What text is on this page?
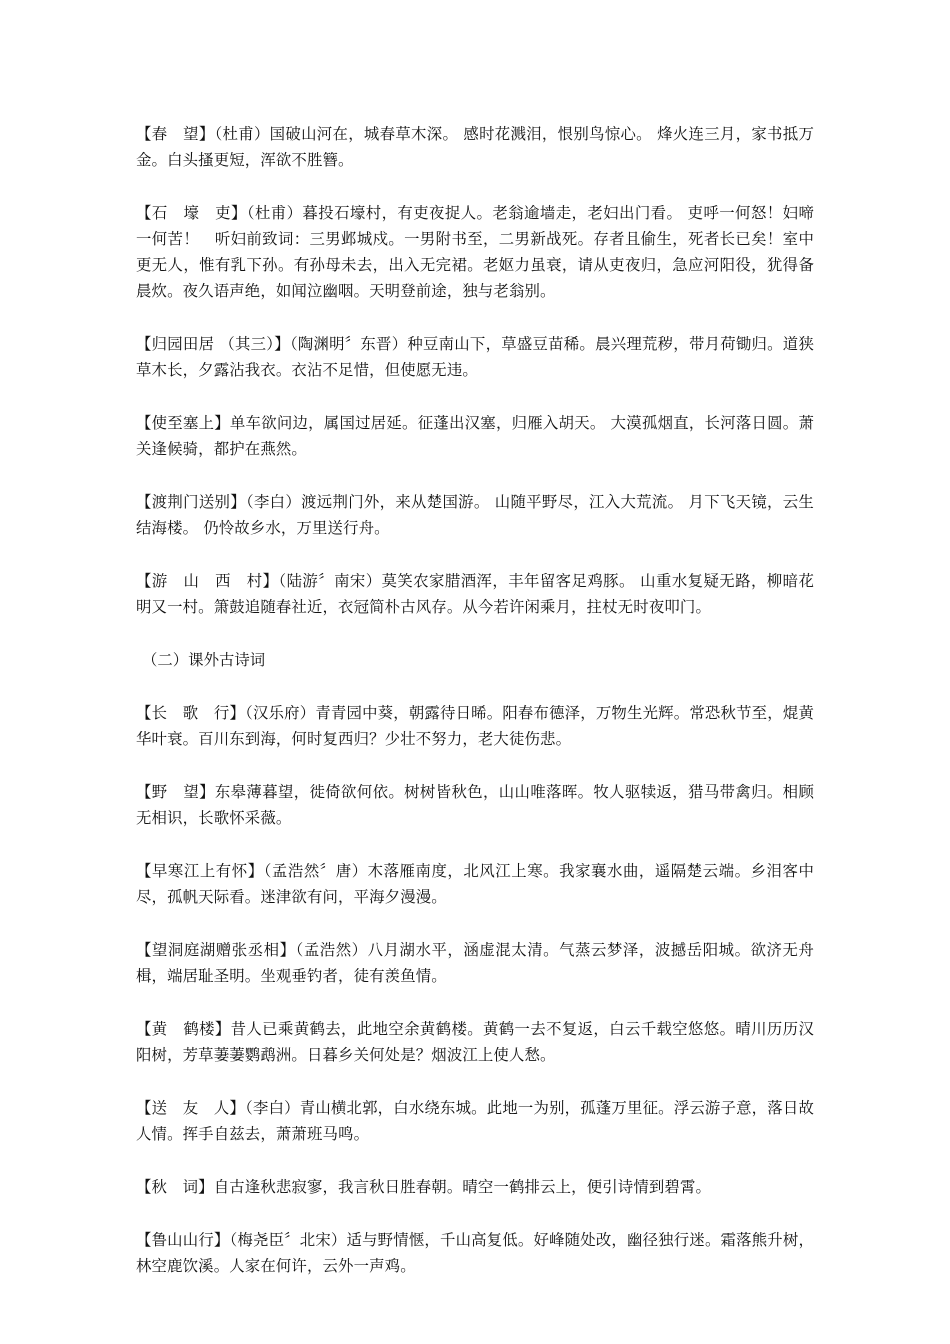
【春　望】（杜甫）国破山河在，城春草木深。 感时花溅泪，恨别鸟惊心。 烽火连三月，家书抵万金。白头搔更短，浑欲不胜簪。

【石　壕　吏】（杜甫）暮投石壕村，有吏夜捉人。老翁逾墙走，老妇出门看。 吏呼一何怒！妇啼一何苦！　听妇前致词：三男邺城戍。一男附书至，二男新战死。存者且偷生，死者长已矣！室中更无人，惟有乳下孙。有孙母未去，出入无完裙。老妪力虽衰，请从吏夜归，急应河阳役，犹得备晨炊。夜久语声绝，如闻泣幽咽。天明登前途，独与老翁别。

【归园田居 （其三）】（陶渊明〞东晋）种豆南山下，草盛豆苗稀。晨兴理荒秽，带月荷锄归。道狭草木长，夕露沾我衣。衣沾不足惜，但使愿无违。

【使至塞上】单车欲问边，属国过居延。征蓬出汉塞，归雁入胡天。 大漠孤烟直，长河落日圆。萧关逢候骑，都护在燕然。

【渡荆门送别】（李白）渡远荆门外，来从楚国游。 山随平野尽，江入大荒流。 月下飞天镜，云生结海楼。 仍怜故乡水，万里送行舟。

【游　山　西　村】（陆游〞南宋）莫笑农家腊酒浑，丰年留客足鸡豚。 山重水复疑无路，柳暗花明又一村。箫鼓追随春社近，衣冠简朴古风存。从今若许闲乘月，拄杖无时夜叩门。

（二）课外古诗词

【长　歌　行】（汉乐府）青青园中葵，朝露待日晞。阳春布德泽，万物生光辉。常恐秋节至，焜黄华叶衰。百川东到海，何时复西归？少壮不努力，老大徒伤悲。

【野　望】东皋薄暮望，徙倚欲何依。树树皆秋色，山山唯落晖。牧人驱犊返，猎马带禽归。相顾无相识，长歌怀采薇。

【早寒江上有怀】（孟浩然〞唐）木落雁南度，北风江上寒。我家襄水曲，遥隔楚云端。乡泪客中尽，孤帆天际看。迷津欲有问，平海夕漫漫。

【望洞庭湖赠张丞相】（孟浩然）八月湖水平，涵虚混太清。气蒸云梦泽，波撼岳阳城。欲济无舟楫，端居耻圣明。坐观垂钓者，徒有羡鱼情。

【黄　鹤楼】昔人已乘黄鹤去，此地空余黄鹤楼。黄鹤一去不复返，白云千载空悠悠。晴川历历汉阳树，芳草萋萋鹦鹉洲。日暮乡关何处是？烟波江上使人愁。

【送　友　人】（李白）青山横北郭，白水绕东城。此地一为别，孤蓬万里征。浮云游子意，落日故人情。挥手自兹去，萧萧班马鸣。

【秋　词】自古逢秋悲寂寥，我言秋日胜春朝。晴空一鹤排云上，便引诗情到碧霄。

【鲁山山行】（梅尧臣〞北宋）适与野情惬，千山高复低。好峰随处改，幽径独行迷。霜落熊升树，林空鹿饮溪。人家在何许，云外一声鸡。
